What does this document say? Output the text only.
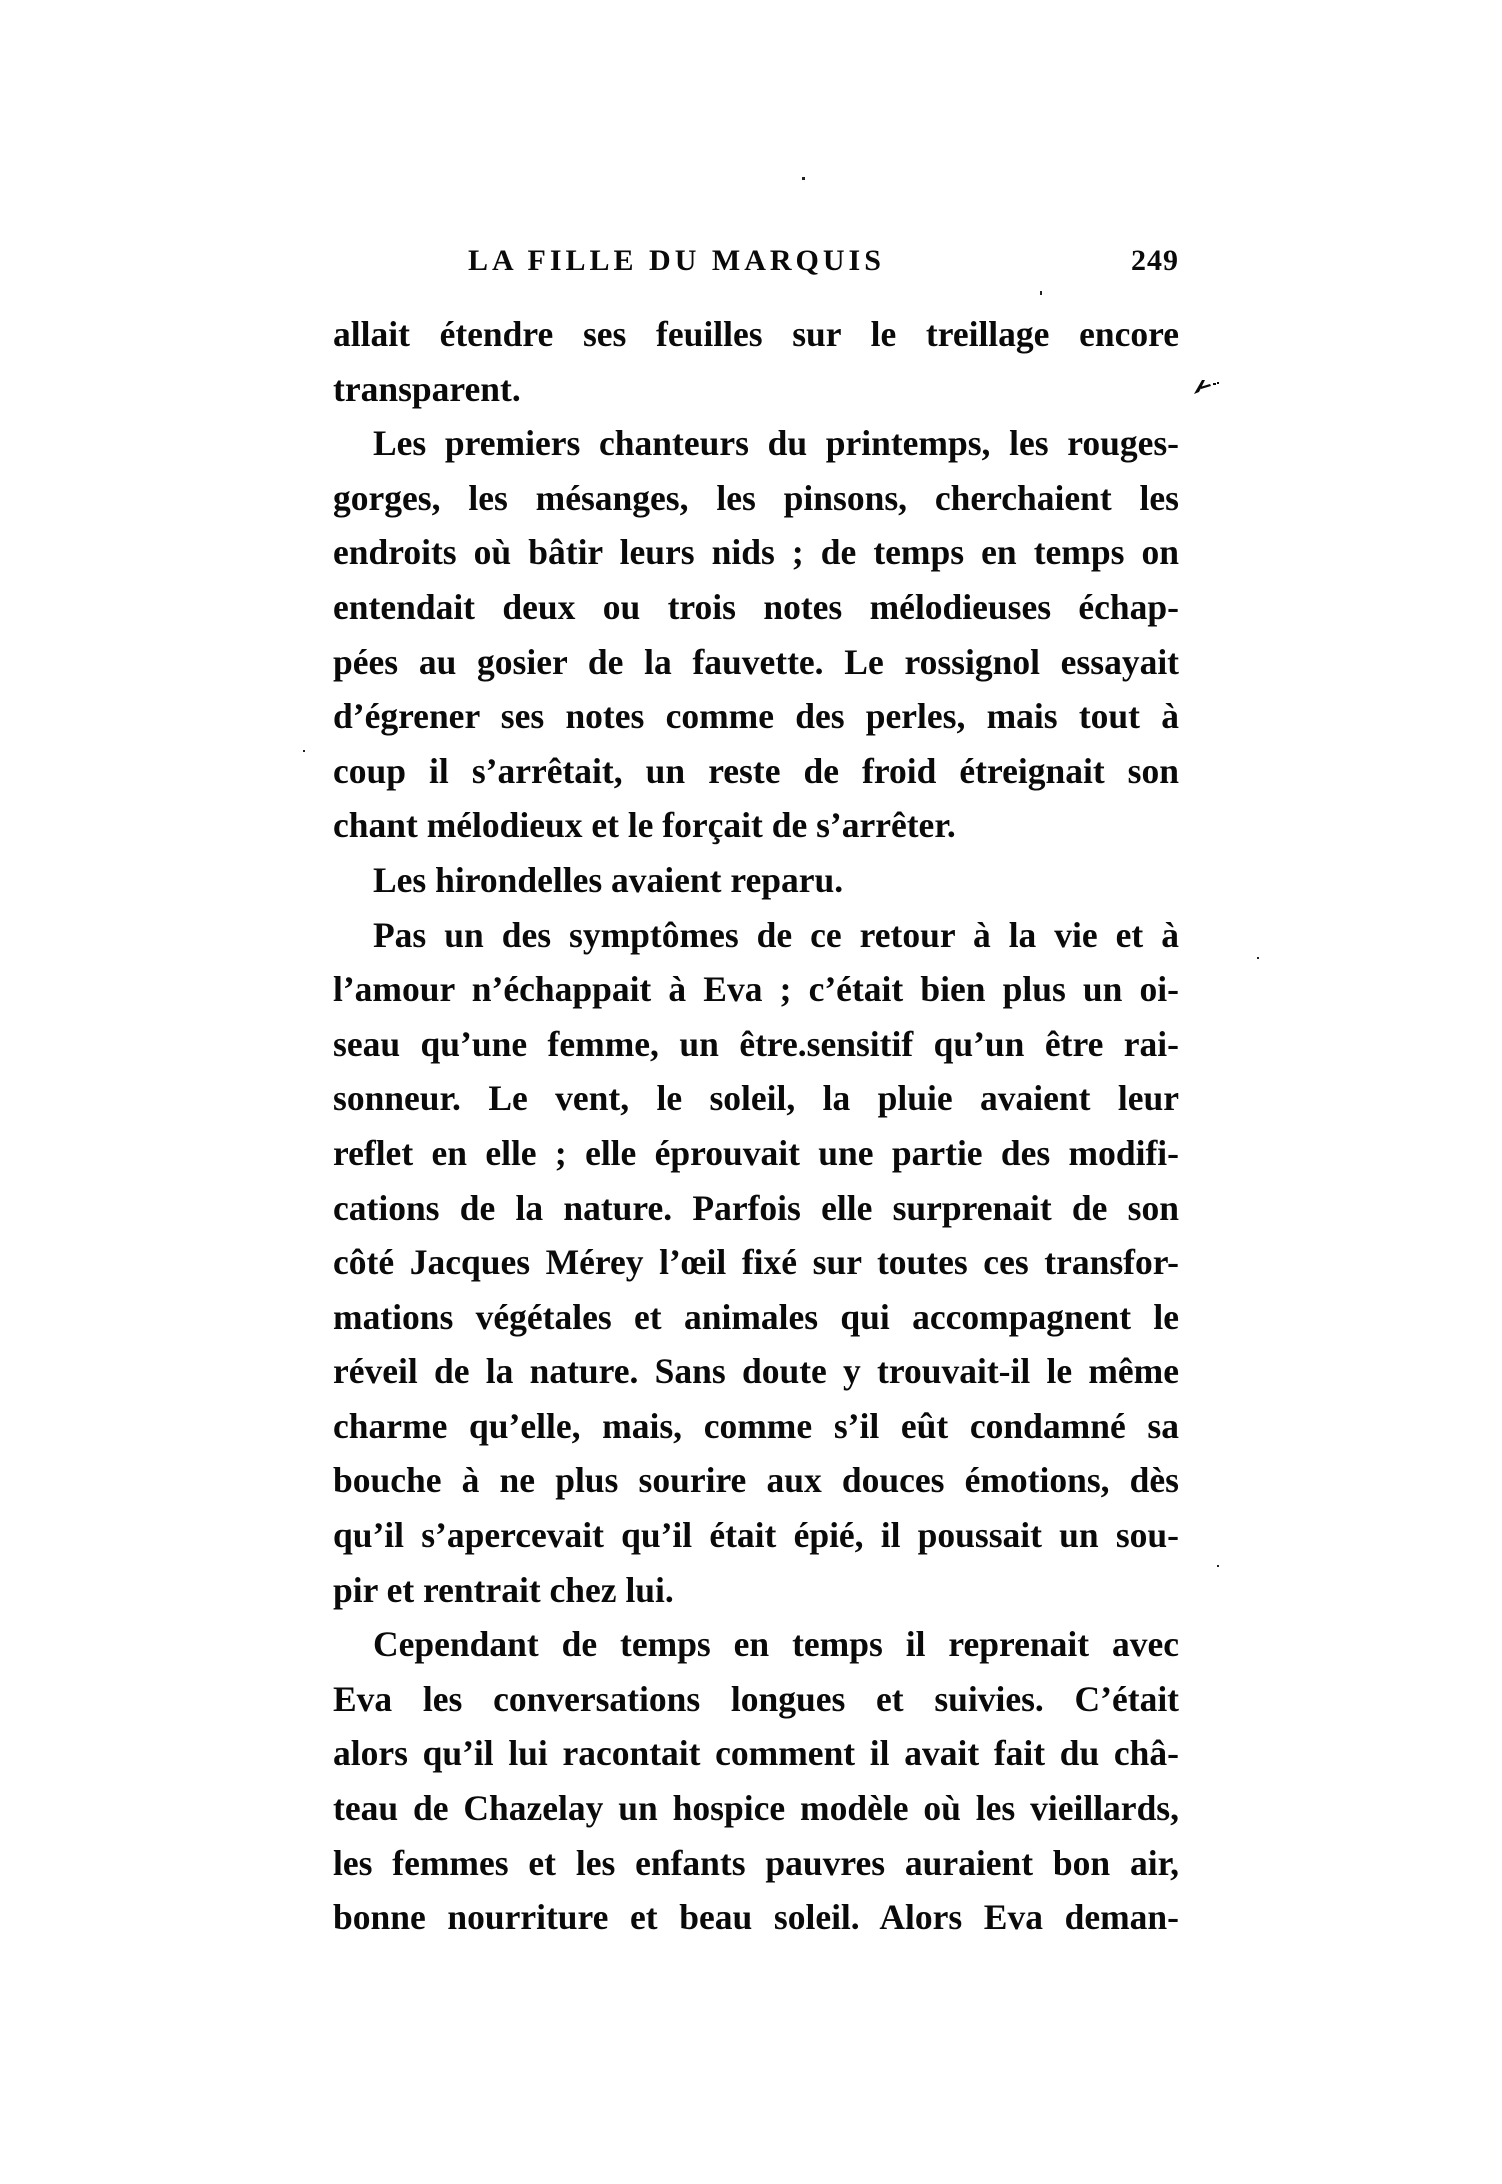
LA FILLE DU MARQUIS	249
allait étendre ses feuilles sur le treillage encore
transparent.
Les premiers chanteurs du printemps, les rouges-
gorges, les mésanges, les pinsons, cherchaient les
endroits où bâtir leurs nids ; de temps en temps on
entendait deux ou trois notes mélodieuses échap-
pées au gosier de la fauvette. Le rossignol essayait
d’égrener ses notes comme des perles, mais tout à
coup il s’arrêtait, un reste de froid étreignait son
chant mélodieux et le forçait de s’arrêter.
Les hirondelles avaient reparu.
Pas un des symptômes de ce retour à la vie et à
l’amour n’échappait à Eva ; c’était bien plus un oi-
seau qu’une femme, un être.sensitif qu’un être rai-
sonneur. Le vent, le soleil, la pluie avaient leur
reflet en elle ; elle éprouvait une partie des modifi-
cations de la nature. Parfois elle surprenait de son
côté Jacques Mérey l’œil fixé sur toutes ces transfor-
mations végétales et animales qui accompagnent le
réveil de la nature. Sans doute y trouvait-il le même
charme qu’elle, mais, comme s’il eût condamné sa
bouche à ne plus sourire aux douces émotions, dès
qu’il s’apercevait qu’il était épié, il poussait un sou-
pir et rentrait chez lui.
Cependant de temps en temps il reprenait avec
Eva les conversations longues et suivies. C’était
alors qu’il lui racontait comment il avait fait du châ-
teau de Chazelay un hospice modèle où les vieillards,
les femmes et les enfants pauvres auraient bon air,
bonne nourriture et beau soleil. Alors Eva deman-
